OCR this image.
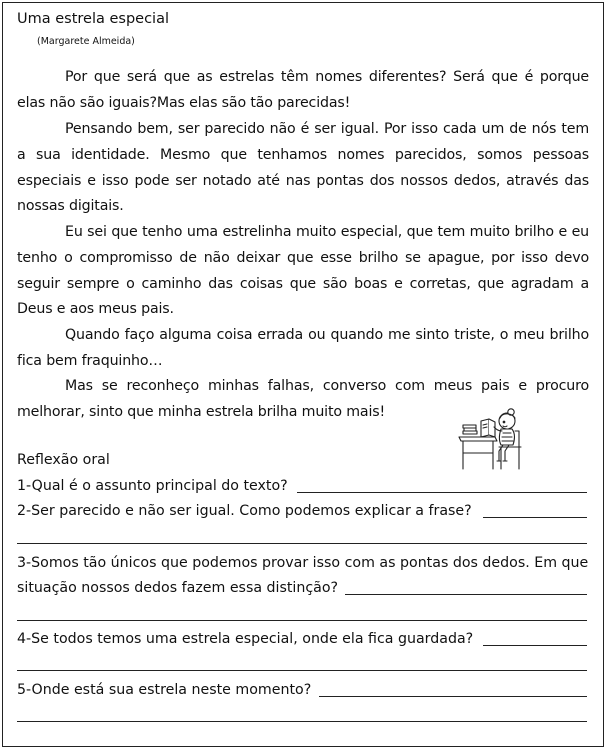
Uma estrela especial
(Margarete Almeida)
Por que será que as estrelas têm nomes diferentes? Será que é porque elas não são iguais?Mas elas são tão parecidas!
Pensando bem, ser parecido não é ser igual. Por isso cada um de nós tem a sua identidade. Mesmo que tenhamos nomes parecidos, somos pessoas especiais e isso pode ser notado até nas pontas dos nossos dedos, através das nossas digitais.
Eu sei que tenho uma estrelinha muito especial, que tem muito brilho e eu tenho o compromisso de não deixar que esse brilho se apague, por isso devo seguir sempre o caminho das coisas que são boas e corretas, que agradam a Deus e aos meus pais.
Quando faço alguma coisa errada ou quando me sinto triste, o meu brilho fica bem fraquinho…
Mas se reconheço minhas falhas, converso com meus pais e procuro melhorar, sinto que minha estrela brilha muito mais!
Reflexão oral
1-Qual é o assunto principal do texto?
2-Ser parecido e não ser igual. Como podemos explicar a frase?
3-Somos tão únicos que podemos provar isso com as pontas dos dedos. Em que
situação nossos dedos fazem essa distinção?
4-Se todos temos uma estrela especial, onde ela fica guardada?
5-Onde está sua estrela neste momento?
